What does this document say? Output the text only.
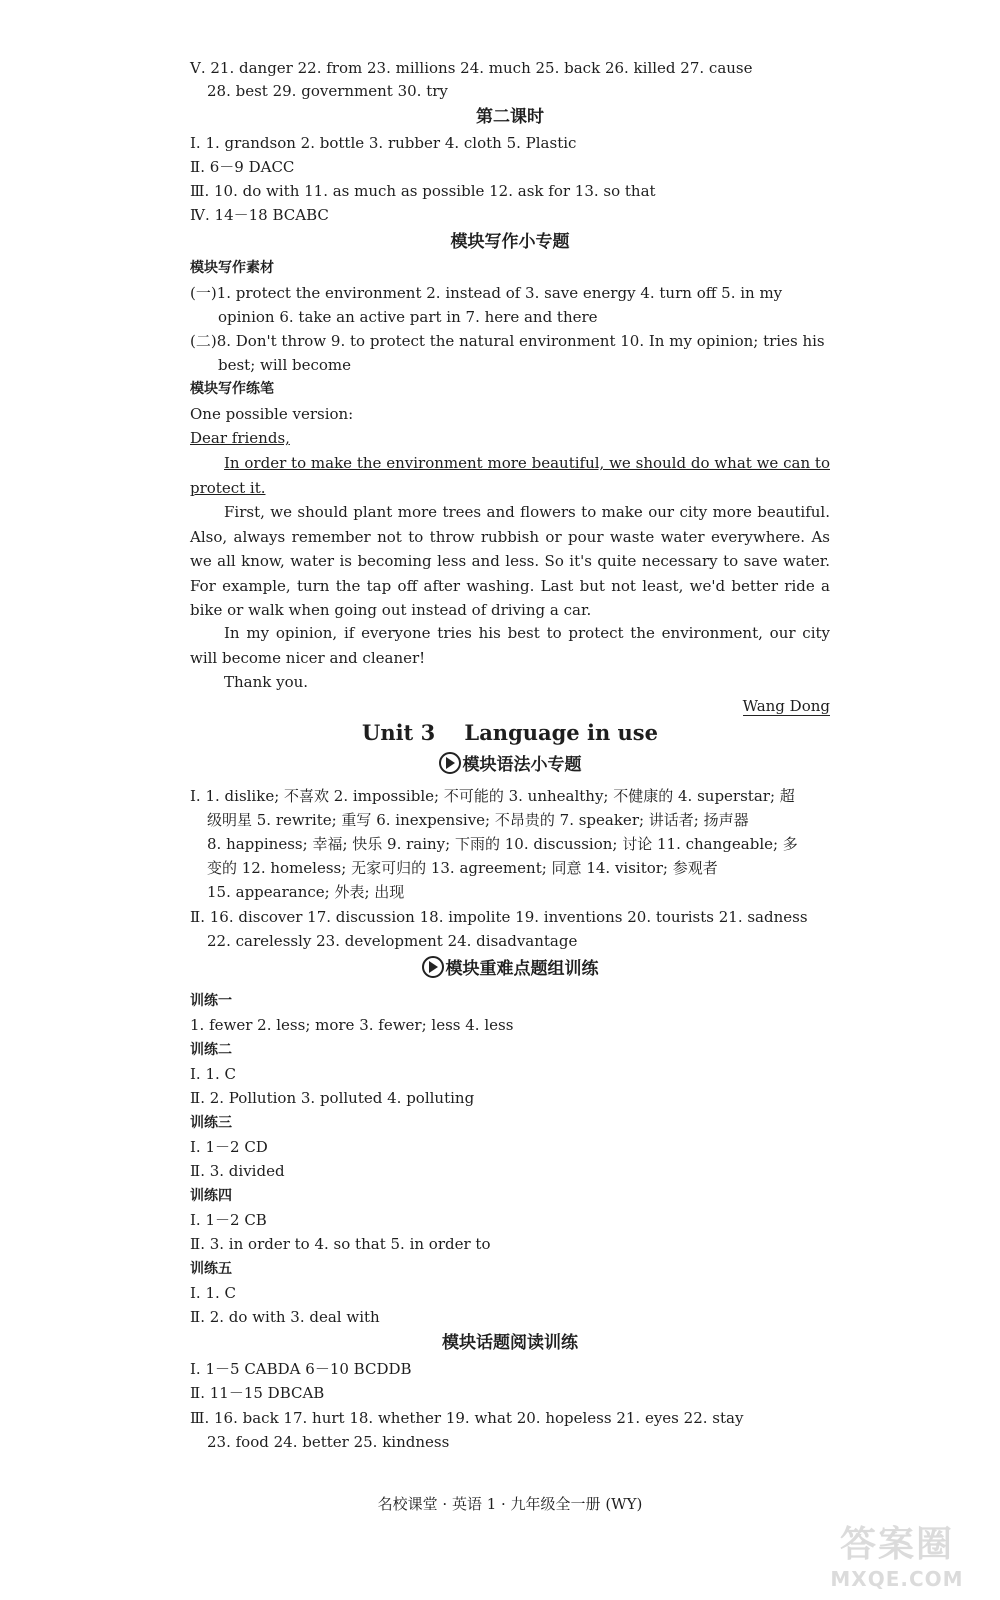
Ⅴ. 21. danger 22. from 23. millions 24. much 25. back 26. killed 27. cause
28. best 29. government 30. try
第二课时
Ⅰ. 1. grandson 2. bottle 3. rubber 4. cloth 5. Plastic
Ⅱ. 6－9 DACC
Ⅲ. 10. do with 11. as much as possible 12. ask for 13. so that
Ⅳ. 14－18 BCABC
模块写作小专题
模块写作素材
(一)1. protect the environment 2. instead of 3. save energy 4. turn off 5. in my
opinion 6. take an active part in 7. here and there
(二)8. Don't throw 9. to protect the natural environment 10. In my opinion; tries his
best; will become
模块写作练笔
One possible version:
Dear friends,
In order to make the environment more beautiful, we should do what we can to protect it.
First, we should plant more trees and flowers to make our city more beautiful. Also, always remember not to throw rubbish or pour waste water everywhere. As we all know, water is becoming less and less. So it's quite necessary to save water. For example, turn the tap off after washing. Last but not least, we'd better ride a bike or walk when going out instead of driving a car.
In my opinion, if everyone tries his best to protect the environment, our city will become nicer and cleaner!
Thank you.
Wang Dong
Unit 3    Language in use
模块语法小专题
Ⅰ. 1. dislike; 不喜欢 2. impossible; 不可能的 3. unhealthy; 不健康的 4. superstar; 超
级明星 5. rewrite; 重写 6. inexpensive; 不昂贵的 7. speaker; 讲话者; 扬声器
8. happiness; 幸福; 快乐 9. rainy; 下雨的 10. discussion; 讨论 11. changeable; 多
变的 12. homeless; 无家可归的 13. agreement; 同意 14. visitor; 参观者
15. appearance; 外表; 出现
Ⅱ. 16. discover 17. discussion 18. impolite 19. inventions 20. tourists 21. sadness
22. carelessly 23. development 24. disadvantage
模块重难点题组训练
训练一
1. fewer 2. less; more 3. fewer; less 4. less
训练二
Ⅰ. 1. C
Ⅱ. 2. Pollution 3. polluted 4. polluting
训练三
Ⅰ. 1－2 CD
Ⅱ. 3. divided
训练四
Ⅰ. 1－2 CB
Ⅱ. 3. in order to 4. so that 5. in order to
训练五
Ⅰ. 1. C
Ⅱ. 2. do with 3. deal with
模块话题阅读训练
Ⅰ. 1－5 CABDA 6－10 BCDDB
Ⅱ. 11－15 DBCAB
Ⅲ. 16. back 17. hurt 18. whether 19. what 20. hopeless 21. eyes 22. stay
23. food 24. better 25. kindness
名校课堂 · 英语 1 · 九年级全一册 (WY)
答案圈
MXQE.COM
